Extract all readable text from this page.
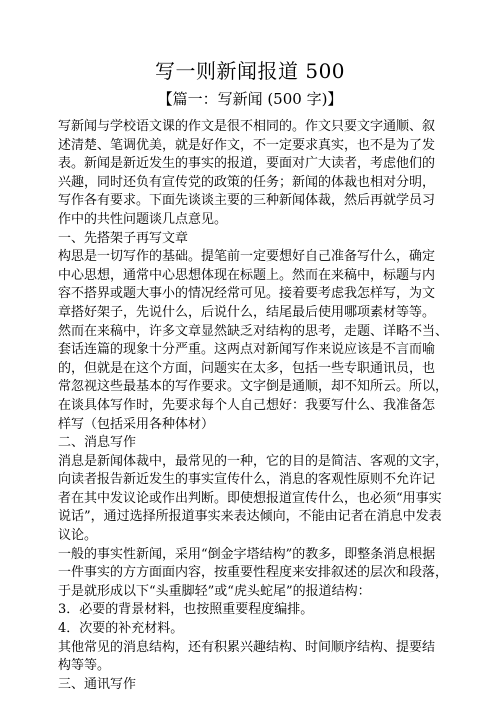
写一则新闻报道 500
【篇一：写新闻 (500 字)】
写新闻与学校语文课的作文是很不相同的。作文只要文字通顺、叙
述清楚、笔调优美，就是好作文，不一定要求真实，也不是为了发
表。新闻是新近发生的事实的报道，要面对广大读者，考虑他们的
兴趣，同时还负有宣传党的政策的任务；新闻的体裁也相对分明，
写作各有要求。下面先谈谈主要的三种新闻体裁，然后再就学员习
作中的共性问题谈几点意见。
一、先搭架子再写文章
构思是一切写作的基础。提笔前一定要想好自己准备写什么，确定
中心思想，通常中心思想体现在标题上。然而在来稿中，标题与内
容不搭界或题大事小的情况经常可见。接着要考虑我怎样写，为文
章搭好架子，先说什么，后说什么，结尾最后使用哪项素材等等。
然而在来稿中，许多文章显然缺乏对结构的思考，走题、详略不当、
套话连篇的现象十分严重。这两点对新闻写作来说应该是不言而喻
的，但就是在这个方面，问题实在太多，包括一些专职通讯员，也
常忽视这些最基本的写作要求。文字倒是通顺，却不知所云。所以，
在谈具体写作时，先要求每个人自己想好：我要写什么、我准备怎
样写（包括采用各种体材）
二、消息写作
消息是新闻体裁中，最常见的一种，它的目的是简洁、客观的文字，
向读者报告新近发生的事实宣传什么，消息的客观性原则不允许记
者在其中发议论或作出判断。即使想报道宣传什么，也必须“用事实
说话”，通过选择所报道事实来表达倾向，不能由记者在消息中发表
议论。
一般的事实性新闻，采用“倒金字塔结构”的教多，即整条消息根据
一件事实的方方面面内容，按重要性程度来安排叙述的层次和段落，
于是就形成以下“头重脚轻”或“虎头蛇尾”的报道结构：
3．必要的背景材料，也按照重要程度编排。
4．次要的补充材料。
其他常见的消息结构，还有积累兴趣结构、时间顺序结构、提要结
构等等。
三、通讯写作
